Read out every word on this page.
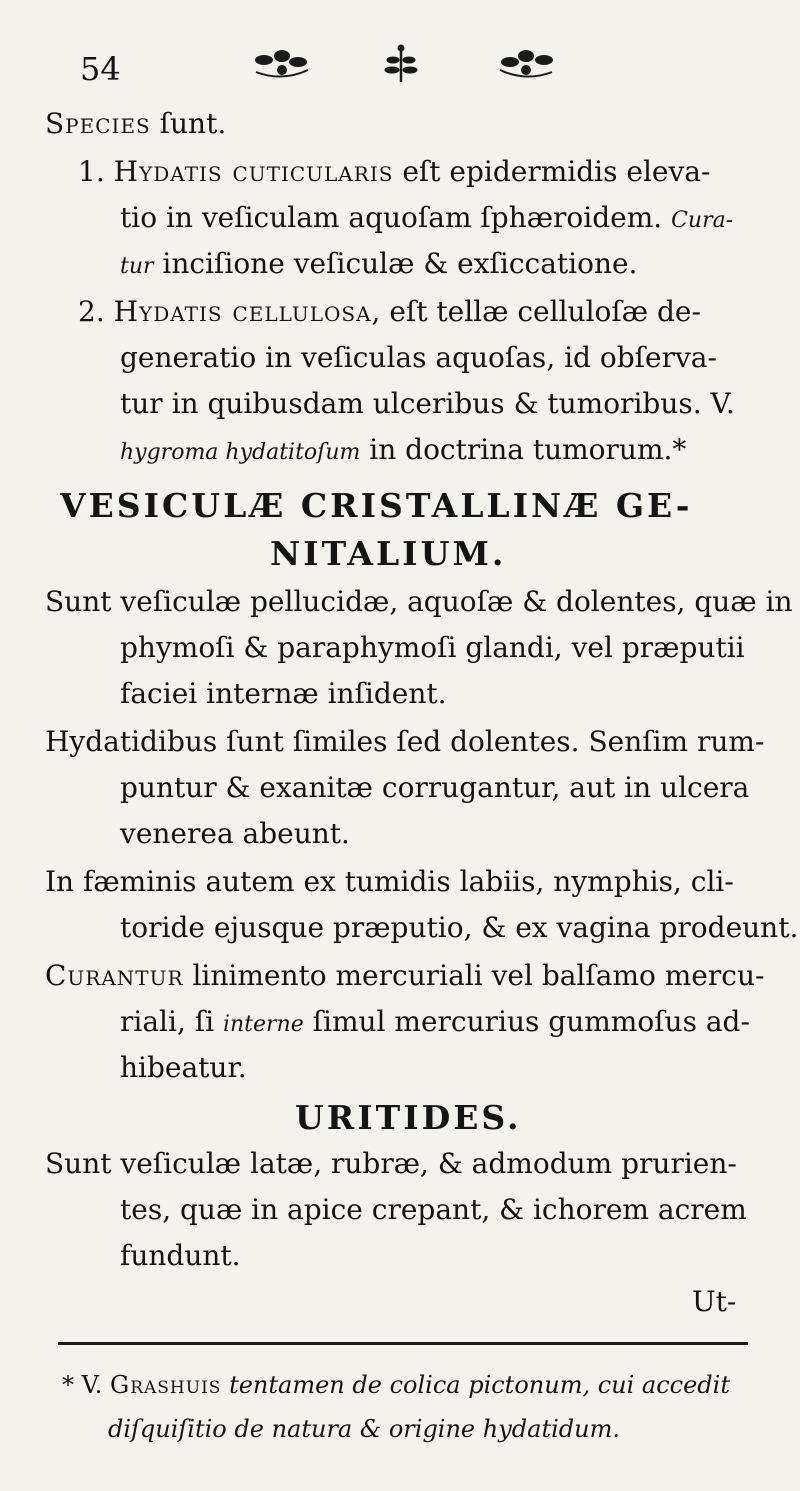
54
Species ſunt.
1. Hydatis cuticularis eſt epidermidis eleva-
tio in veſiculam aquoſam ſphæroidem. Cura-
tur inciſione veſiculæ & exſiccatione.
2. Hydatis cellulosa, eſt tellæ celluloſæ de-
generatio in veſiculas aquoſas, id obſerva-
tur in quibusdam ulceribus & tumoribus. V.
hygroma hydatitoſum in doctrina tumorum.*
VESICULÆ CRISTALLINÆ GE-
NITALIUM.
Sunt veſiculæ pellucidæ, aquoſæ & dolentes, quæ in
phymoſi & paraphymoſi glandi, vel præputii
faciei internæ inſident.
Hydatidibus ſunt ſimiles ſed dolentes. Senſim rum-
puntur & exanitæ corrugantur, aut in ulcera
venerea abeunt.
In fæminis autem ex tumidis labiis, nymphis, cli-
toride ejusque præputio, & ex vagina prodeunt.
Curantur linimento mercuriali vel balſamo mercu-
riali, ſi interne ſimul mercurius gummoſus ad-
hibeatur.
URITIDES.
Sunt veſiculæ latæ, rubræ, & admodum prurien-
tes, quæ in apice crepant, & ichorem acrem
fundunt.
Ut-
* V. Grashuis tentamen de colica pictonum, cui accedit
diſquiſitio de natura & origine hydatidum.
